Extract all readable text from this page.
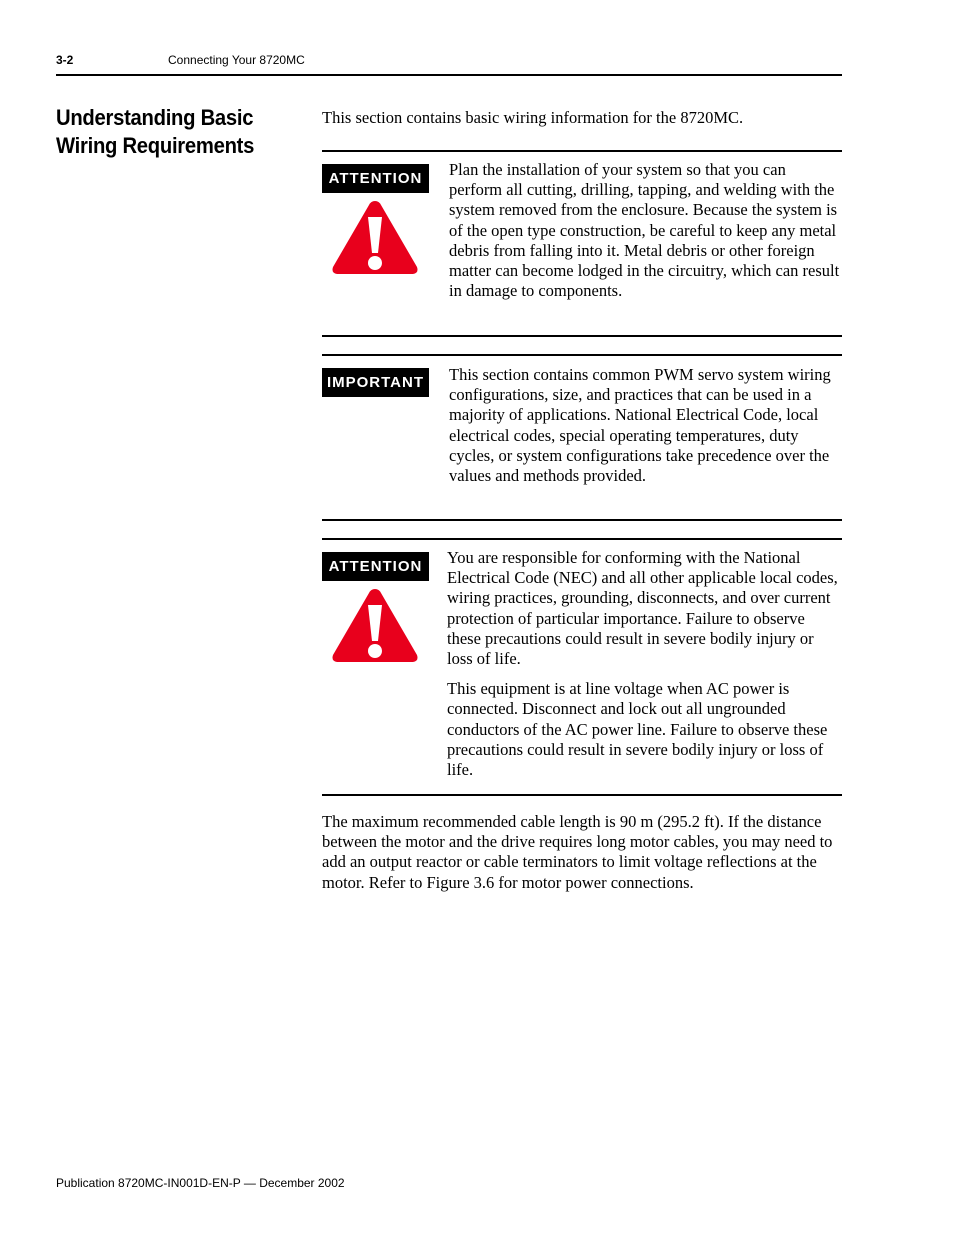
3-2	Connecting Your 8720MC
Understanding Basic Wiring Requirements
This section contains basic wiring information for the 8720MC.
ATTENTION	Plan the installation of your system so that you can perform all cutting, drilling, tapping, and welding with the system removed from the enclosure. Because the system is of the open type construction, be careful to keep any metal debris from falling into it. Metal debris or other foreign matter can become lodged in the circuitry, which can result in damage to components.

IMPORTANT	This section contains common PWM servo system wiring configurations, size, and practices that can be used in a majority of applications. National Electrical Code, local electrical codes, special operating temperatures, duty cycles, or system configurations take precedence over the values and methods provided.

ATTENTION	You are responsible for conforming with the National Electrical Code (NEC) and all other applicable local codes, wiring practices, grounding, disconnects, and over current protection of particular importance. Failure to observe these precautions could result in severe bodily injury or loss of life.

This equipment is at line voltage when AC power is connected. Disconnect and lock out all ungrounded conductors of the AC power line. Failure to observe these precautions could result in severe bodily injury or loss of life.

The maximum recommended cable length is 90 m (295.2 ft). If the distance between the motor and the drive requires long motor cables, you may need to add an output reactor or cable terminators to limit voltage reflections at the motor. Refer to Figure 3.6 for motor power connections.
Publication 8720MC-IN001D-EN-P — December 2002
